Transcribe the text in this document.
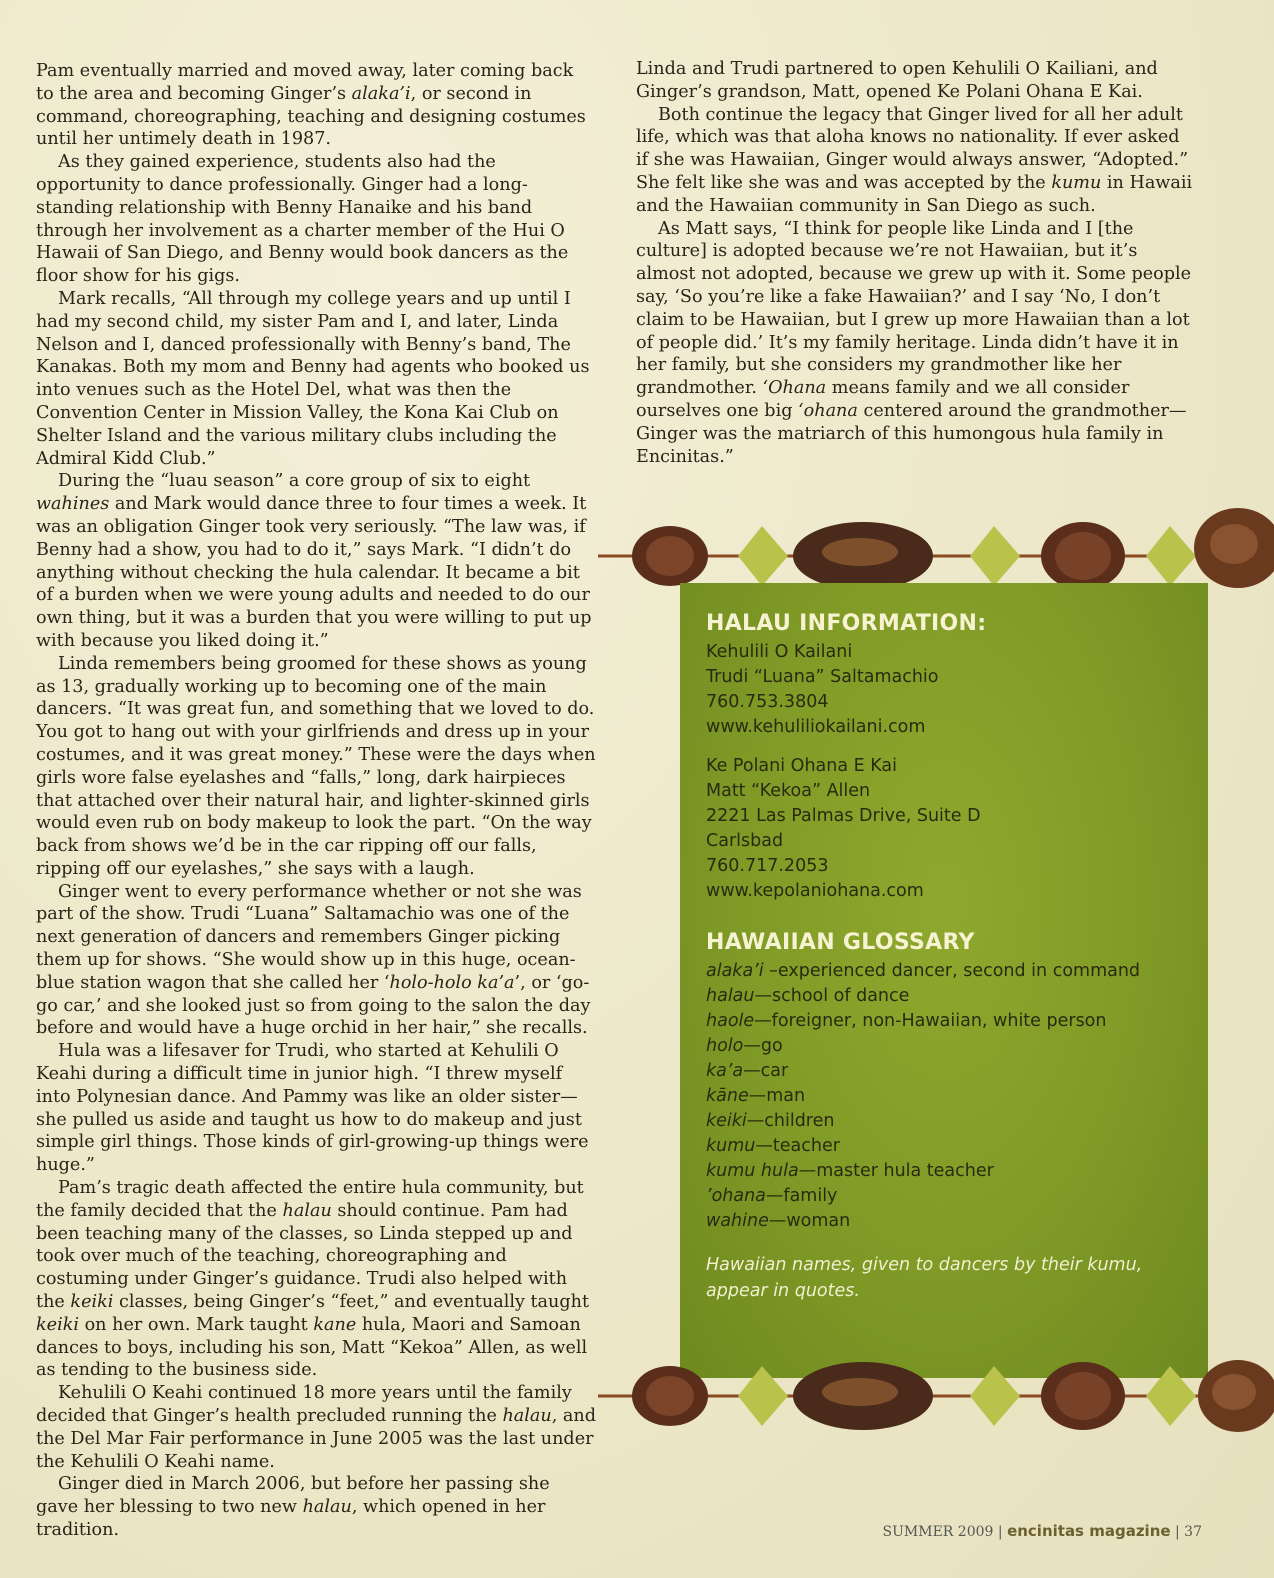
Pam eventually married and moved away, later coming back to the area and becoming Ginger’s alaka’i, or second in command, choreographing, teaching and designing costumes until her untimely death in 1987.

As they gained experience, students also had the opportunity to dance professionally. Ginger had a long-standing relationship with Benny Hanaike and his band through her involvement as a charter member of the Hui O Hawaii of San Diego, and Benny would book dancers as the floor show for his gigs.

Mark recalls, “All through my college years and up until I had my second child, my sister Pam and I, and later, Linda Nelson and I, danced professionally with Benny’s band, The Kanakas. Both my mom and Benny had agents who booked us into venues such as the Hotel Del, what was then the Convention Center in Mission Valley, the Kona Kai Club on Shelter Island and the various military clubs including the Admiral Kidd Club.”

During the “luau season” a core group of six to eight wahines and Mark would dance three to four times a week. It was an obligation Ginger took very seriously. “The law was, if Benny had a show, you had to do it,” says Mark. “I didn’t do anything without checking the hula calendar. It became a bit of a burden when we were young adults and needed to do our own thing, but it was a burden that you were willing to put up with because you liked doing it.”

Linda remembers being groomed for these shows as young as 13, gradually working up to becoming one of the main dancers. “It was great fun, and something that we loved to do. You got to hang out with your girlfriends and dress up in your costumes, and it was great money.” These were the days when girls wore false eyelashes and “falls,” long, dark hairpieces that attached over their natural hair, and lighter-skinned girls would even rub on body makeup to look the part. “On the way back from shows we’d be in the car ripping off our falls, ripping off our eyelashes,” she says with a laugh.

Ginger went to every performance whether or not she was part of the show. Trudi “Luana” Saltamachio was one of the next generation of dancers and remembers Ginger picking them up for shows. “She would show up in this huge, ocean-blue station wagon that she called her ‘holo-holo ka’a’, or ‘go-go car,’ and she looked just so from going to the salon the day before and would have a huge orchid in her hair,” she recalls.

Hula was a lifesaver for Trudi, who started at Kehulili O Keahi during a difficult time in junior high. “I threw myself into Polynesian dance. And Pammy was like an older sister—she pulled us aside and taught us how to do makeup and just simple girl things. Those kinds of girl-growing-up things were huge.”

Pam’s tragic death affected the entire hula community, but the family decided that the halau should continue. Pam had been teaching many of the classes, so Linda stepped up and took over much of the teaching, choreographing and costuming under Ginger’s guidance. Trudi also helped with the keiki classes, being Ginger’s “feet,” and eventually taught keiki on her own. Mark taught kane hula, Maori and Samoan dances to boys, including his son, Matt “Kekoa” Allen, as well as tending to the business side.

Kehulili O Keahi continued 18 more years until the family decided that Ginger’s health precluded running the halau, and the Del Mar Fair performance in June 2005 was the last under the Kehulili O Keahi name.

Ginger died in March 2006, but before her passing she gave her blessing to two new halau, which opened in her tradition.

Linda and Trudi partnered to open Kehulili O Kailiani, and Ginger’s grandson, Matt, opened Ke Polani Ohana E Kai.

Both continue the legacy that Ginger lived for all her adult life, which was that aloha knows no nationality. If ever asked if she was Hawaiian, Ginger would always answer, “Adopted.” She felt like she was and was accepted by the kumu in Hawaii and the Hawaiian community in San Diego as such.

As Matt says, “I think for people like Linda and I [the culture] is adopted because we’re not Hawaiian, but it’s almost not adopted, because we grew up with it. Some people say, ‘So you’re like a fake Hawaiian?’ and I say ‘No, I don’t claim to be Hawaiian, but I grew up more Hawaiian than a lot of people did.’ It’s my family heritage. Linda didn’t have it in her family, but she considers my grandmother like her grandmother. ‘Ohana means family and we all consider ourselves one big ‘ohana centered around the grandmother—Ginger was the matriarch of this humongous hula family in Encinitas.”

HALAU INFORMATION:
Kehulili O Kailani
Trudi “Luana” Saltamachio
760.753.3804
www.kehuliliokailani.com
Ke Polani Ohana E Kai
Matt “Kekoa” Allen
2221 Las Palmas Drive, Suite D
Carlsbad
760.717.2053
www.kepolaniohana.com
HAWAIIAN GLOSSARY
alaka’i –experienced dancer, second in command
halau—school of dance
haole—foreigner, non-Hawaiian, white person
holo—go
ka’a—car
kāne—man
keiki—children
kumu—teacher
kumu hula—master hula teacher
’ohana—family
wahine—woman
Hawaiian names, given to dancers by their kumu, appear in quotes.
SUMMER 2009 | encinitas magazine | 37
